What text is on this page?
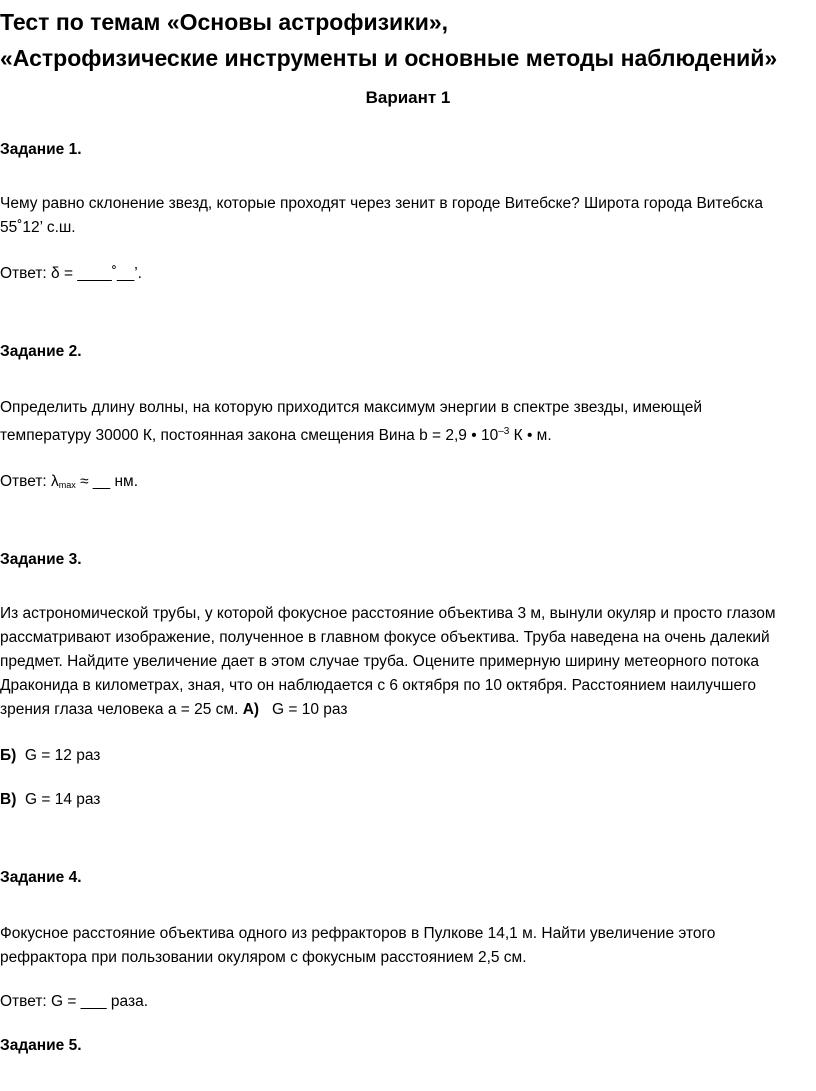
Тест по темам «Основы астрофизики»,
«Астрофизические инструменты и основные методы наблюдений»
Вариант 1
Задание 1.
Чему равно склонение звезд, которые проходят через зенит в городе Витебске? Широта города Витебска
55˚12’ с.ш.
Ответ: δ = ____˚__’.
Задание 2.
Определить длину волны, на которую приходится максимум энергии в спектре звезды, имеющей
температуру 30000 К, постоянная закона смещения Вина b = 2,9 • $10^{-3}$ К • м.
Ответ: $\lambda_{max}$ ≈ __ нм.
Задание 3.
Из астрономической трубы, у которой фокусное расстояние объектива 3 м, вынули окуляр и просто глазом
рассматривают изображение, полученное в главном фокусе объектива. Труба наведена на очень далекий
предмет. Найдите увеличение дает в этом случае труба. Оцените примерную ширину метеорного потока
Драконида в километрах, зная, что он наблюдается с 6 октября по 10 октября. Расстоянием наилучшего
зрения глаза человека а = 25 см. А)   G = 10 раз
Б)  G = 12 раз
В)  G = 14 раз
Задание 4.
Фокусное расстояние объектива одного из рефракторов в Пулкове 14,1 м. Найти увеличение этого
рефрактора при пользовании окуляром с фокусным расстоянием 2,5 см.
Ответ: G = ___ раза.
Задание 5.
